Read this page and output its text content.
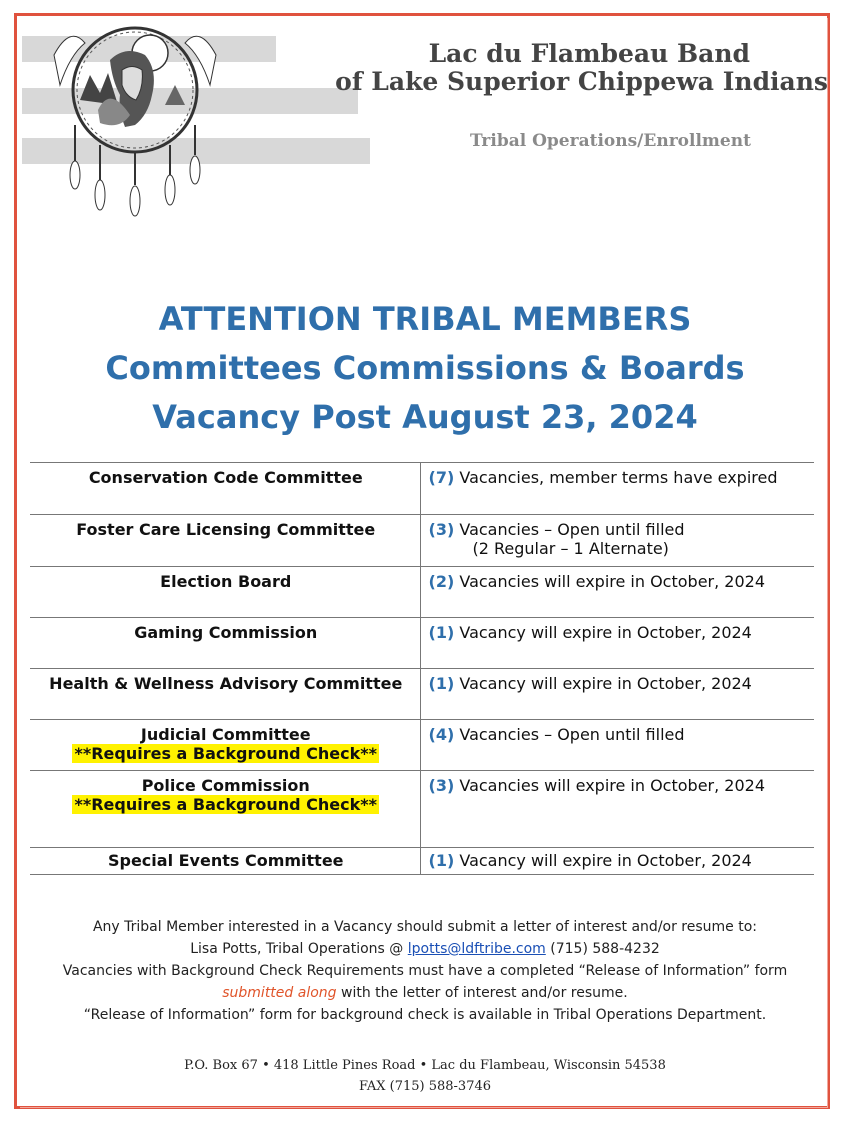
Lac du Flambeau Band
of Lake Superior Chippewa Indians
Tribal Operations/Enrollment
ATTENTION TRIBAL MEMBERS
Committees Commissions & Boards
Vacancy Post August 23, 2024
Conservation Code Committee	(7) Vacancies, member terms have expired

Foster Care Licensing Committee	(3) Vacancies – Open until filled
(2 Regular – 1 Alternate)

Election Board	(2) Vacancies will expire in October, 2024

Gaming Commission	(1) Vacancy will expire in October, 2024

Health & Wellness Advisory Committee	(1) Vacancy will expire in October, 2024

Judicial Committee
**Requires a Background Check**	(4) Vacancies – Open until filled

Police Commission
**Requires a Background Check**	(3) Vacancies will expire in October, 2024

Special Events Committee	(1) Vacancy will expire in October, 2024
Any Tribal Member interested in a Vacancy should submit a letter of interest and/or resume to:
Lisa Potts, Tribal Operations @ lpotts@ldftribe.com (715) 588-4232
Vacancies with Background Check Requirements must have a completed “Release of Information” form
submitted along with the letter of interest and/or resume.
“Release of Information” form for background check is available in Tribal Operations Department.
P.O. Box 67 • 418 Little Pines Road • Lac du Flambeau, Wisconsin 54538
FAX (715) 588-3746
